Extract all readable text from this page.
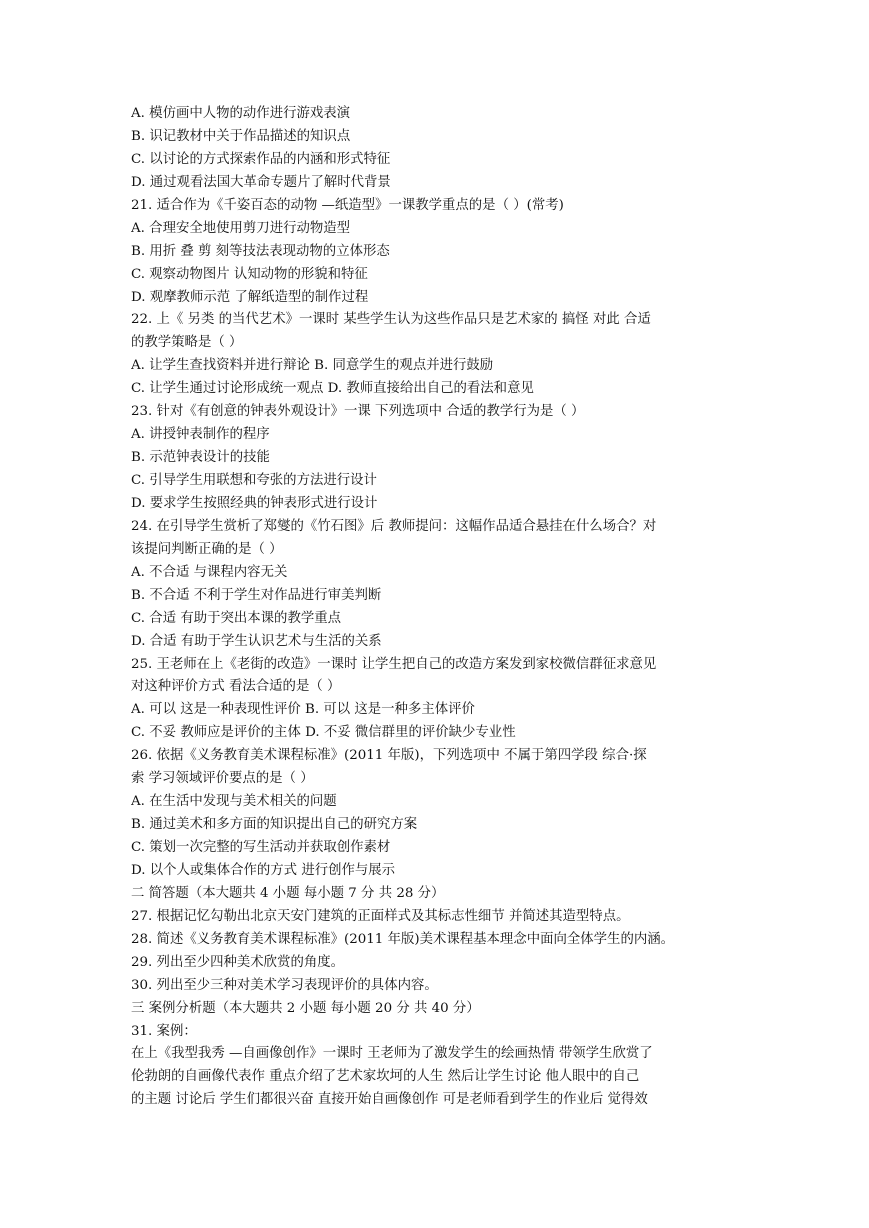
A. 模仿画中人物的动作进行游戏表演
B. 识记教材中关于作品描述的知识点
C. 以讨论的方式探索作品的内涵和形式特征
D. 通过观看法国大革命专题片了解时代背景
21. 适合作为《千姿百态的动物 —纸造型》一课教学重点的是（ ）(常考)
A. 合理安全地使用剪刀进行动物造型
B. 用折 叠 剪 刻等技法表现动物的立体形态
C. 观察动物图片 认知动物的形貌和特征
D. 观摩教师示范 了解纸造型的制作过程
22. 上《 另类 的当代艺术》一课时 某些学生认为这些作品只是艺术家的 搞怪 对此 合适
的教学策略是（ ）
A. 让学生查找资料并进行辩论 B. 同意学生的观点并进行鼓励
C. 让学生通过讨论形成统一观点 D. 教师直接给出自己的看法和意见
23. 针对《有创意的钟表外观设计》一课 下列选项中 合适的教学行为是（ ）
A. 讲授钟表制作的程序
B. 示范钟表设计的技能
C. 引导学生用联想和夸张的方法进行设计
D. 要求学生按照经典的钟表形式进行设计
24. 在引导学生赏析了郑燮的《竹石图》后 教师提问：这幅作品适合悬挂在什么场合？对
该提问判断正确的是（ ）
A. 不合适 与课程内容无关
B. 不合适 不利于学生对作品进行审美判断
C. 合适 有助于突出本课的教学重点
D. 合适 有助于学生认识艺术与生活的关系
25. 王老师在上《老街的改造》一课时 让学生把自己的改造方案发到家校微信群征求意见
对这种评价方式 看法合适的是（ ）
A. 可以 这是一种表现性评价 B. 可以 这是一种多主体评价
C. 不妥 教师应是评价的主体 D. 不妥 微信群里的评价缺少专业性
26. 依据《义务教育美术课程标准》(2011 年版)，下列选项中 不属于第四学段 综合·探
索 学习领域评价要点的是（ ）
A. 在生活中发现与美术相关的问题
B. 通过美术和多方面的知识提出自己的研究方案
C. 策划一次完整的写生活动并获取创作素材
D. 以个人或集体合作的方式 进行创作与展示
二 简答题（本大题共 4 小题 每小题 7 分 共 28 分）
27. 根据记忆勾勒出北京天安门建筑的正面样式及其标志性细节 并简述其造型特点。
28. 简述《义务教育美术课程标准》(2011 年版)美术课程基本理念中面向全体学生的内涵。
29. 列出至少四种美术欣赏的角度。
30. 列出至少三种对美术学习表现评价的具体内容。
三 案例分析题（本大题共 2 小题 每小题 20 分 共 40 分）
31. 案例：
在上《我型我秀 —自画像创作》一课时 王老师为了激发学生的绘画热情 带领学生欣赏了
伦勃朗的自画像代表作 重点介绍了艺术家坎坷的人生 然后让学生讨论 他人眼中的自己
的主题 讨论后 学生们都很兴奋 直接开始自画像创作 可是老师看到学生的作业后 觉得效
